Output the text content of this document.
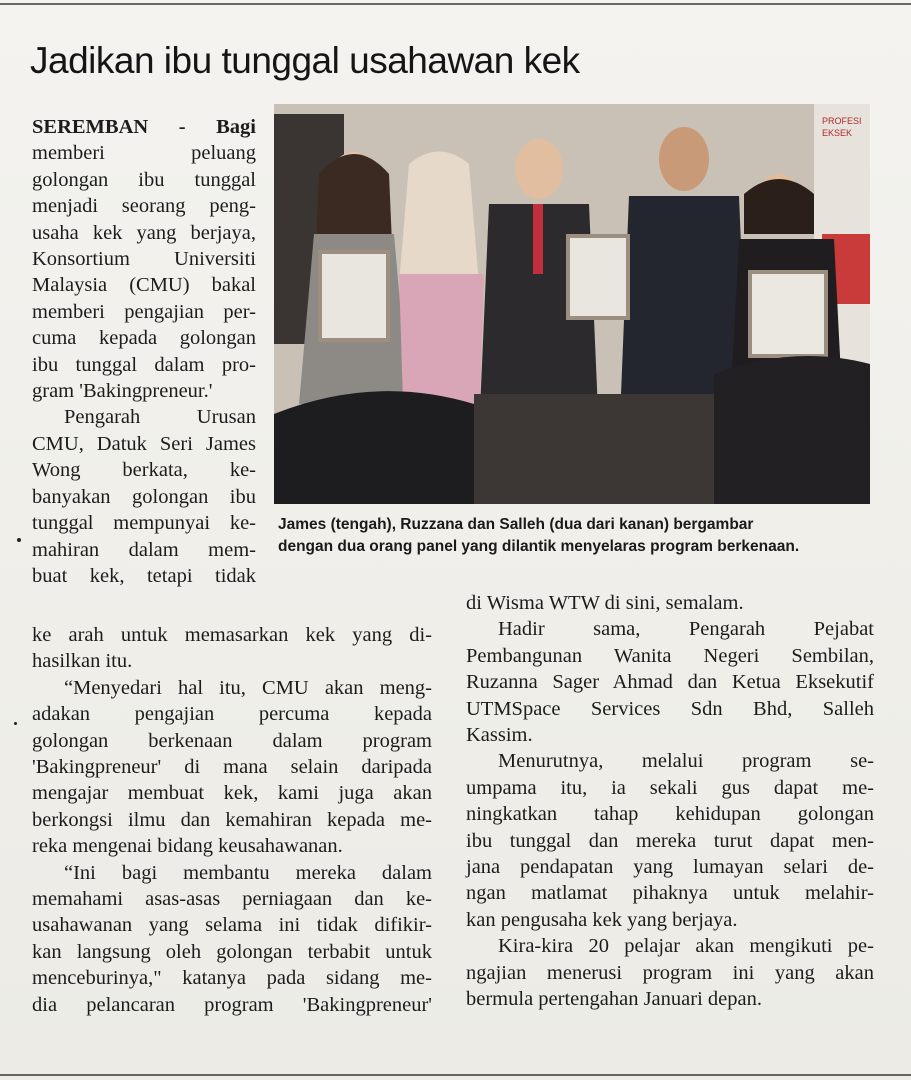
Jadikan ibu tunggal usahawan kek
PROFESI
EKSEK
James (tengah), Ruzzana dan Salleh (dua dari kanan) bergambar
dengan dua orang panel yang dilantik menyelaras program berkenaan.
SEREMBAN - Bagi
memberi peluang
golongan ibu tunggal
menjadi seorang peng-
usaha kek yang berjaya,
Konsortium Universiti
Malaysia (CMU) bakal
memberi pengajian per-
cuma kepada golongan
ibu tunggal dalam pro-
gram 'Bakingpreneur.'
Pengarah Urusan
CMU, Datuk Seri James
Wong berkata, ke-
banyakan golongan ibu
tunggal mempunyai ke-
mahiran dalam mem-
buat kek, tetapi tidak
ke arah untuk memasarkan kek yang di-
hasilkan itu.
“Menyedari hal itu, CMU akan meng-
adakan pengajian percuma kepada
golongan berkenaan dalam program
'Bakingpreneur' di mana selain daripada
mengajar membuat kek, kami juga akan
berkongsi ilmu dan kemahiran kepada me-
reka mengenai bidang keusahawanan.
“Ini bagi membantu mereka dalam
memahami asas-asas perniagaan dan ke-
usahawanan yang selama ini tidak difikir-
kan langsung oleh golongan terbabit untuk
menceburinya," katanya pada sidang me-
dia pelancaran program 'Bakingpreneur'
di Wisma WTW di sini, semalam.
Hadir sama, Pengarah Pejabat
Pembangunan Wanita Negeri Sembilan,
Ruzanna Sager Ahmad dan Ketua Eksekutif
UTMSpace Services Sdn Bhd, Salleh
Kassim.
Menurutnya, melalui program se-
umpama itu, ia sekali gus dapat me-
ningkatkan tahap kehidupan golongan
ibu tunggal dan mereka turut dapat men-
jana pendapatan yang lumayan selari de-
ngan matlamat pihaknya untuk melahir-
kan pengusaha kek yang berjaya.
Kira-kira 20 pelajar akan mengikuti pe-
ngajian menerusi program ini yang akan
bermula pertengahan Januari depan.
